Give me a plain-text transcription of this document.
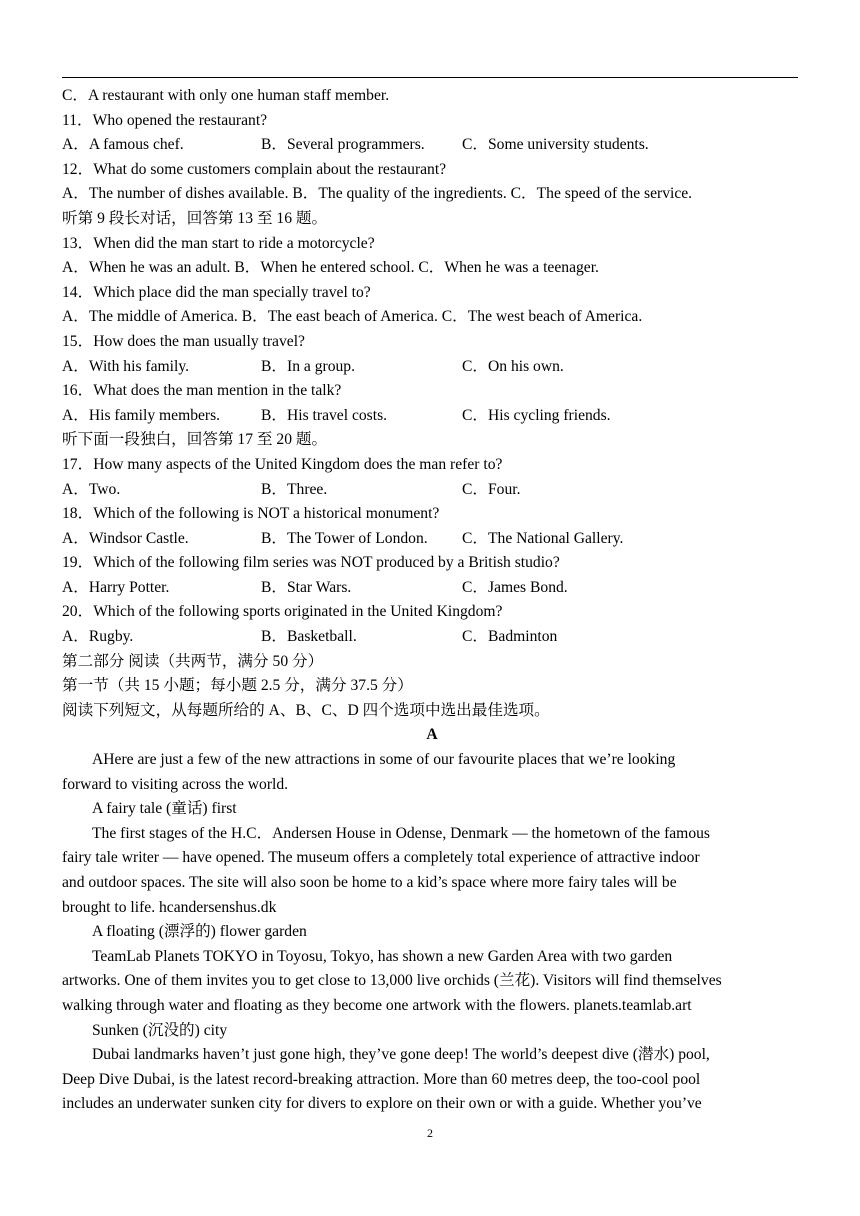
C．A restaurant with only one human staff member.
11．Who opened the restaurant?
A．A famous chef.	B．Several programmers. C．Some university students.
12．What do some customers complain about the restaurant?
A．The number of dishes available. B．The quality of the ingredients. C．The speed of the service.
听第 9 段长对话，回答第 13 至 16 题。
13．When did the man start to ride a motorcycle?
A．When he was an adult. B．When he entered school. C．When he was a teenager.
14．Which place did the man specially travel to?
A．The middle of America. B．The east beach of America. C．The west beach of America.
15．How does the man usually travel?
A．With his family.	B．In a group.	C．On his own.
16．What does the man mention in the talk?
A．His family members.	B．His travel costs.	C．His cycling friends.
听下面一段独白，回答第 17 至 20 题。
17．How many aspects of the United Kingdom does the man refer to?
A．Two.	B．Three.	C．Four.
18．Which of the following is NOT a historical monument?
A．Windsor Castle.	B．The Tower of London. C．The National Gallery.
19．Which of the following film series was NOT produced by a British studio?
A．Harry Potter.	B．Star Wars.	C．James Bond.
20．Which of the following sports originated in the United Kingdom?
A．Rugby.	B．Basketball.	C．Badminton
第二部分 阅读（共两节，满分 50 分）
第一节（共 15 小题；每小题 2.5 分，满分 37.5 分）
阅读下列短文，从每题所给的 A、B、C、D 四个选项中选出最佳选项。
A
AHere are just a few of the new attractions in some of our favourite places that we’re looking
forward to visiting across the world.
A fairy tale (童话) first
The first stages of the H.C．Andersen House in Odense, Denmark — the hometown of the famous
fairy tale writer — have opened. The museum offers a completely total experience of attractive indoor
and outdoor spaces. The site will also soon be home to a kid’s space where more fairy tales will be
brought to life. hcandersenshus.dk
A floating (漂浮的) flower garden
TeamLab Planets TOKYO in Toyosu, Tokyo, has shown a new Garden Area with two garden
artworks. One of them invites you to get close to 13,000 live orchids (兰花). Visitors will find themselves
walking through water and floating as they become one artwork with the flowers. planets.teamlab.art
Sunken (沉没的) city
Dubai landmarks haven’t just gone high, they’ve gone deep! The world’s deepest dive (潜水) pool,
Deep Dive Dubai, is the latest record-breaking attraction. More than 60 metres deep, the too-cool pool
includes an underwater sunken city for divers to explore on their own or with a guide. Whether you’ve
2
